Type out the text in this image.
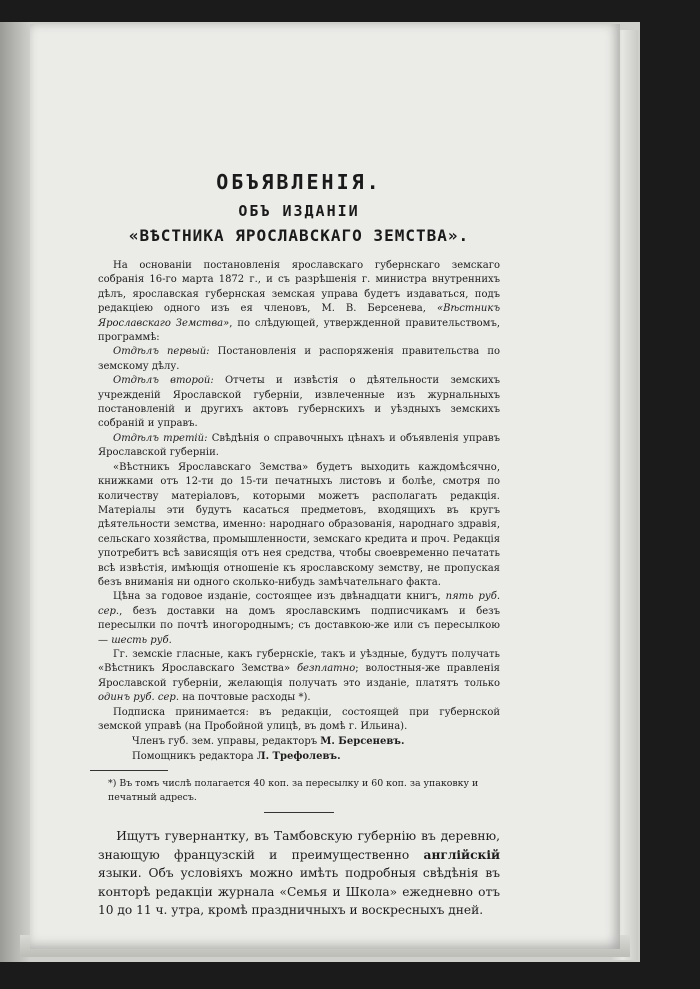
ОБЪЯВЛЕНІЯ.
ОБЪ ИЗДАНІИ
«ВѢСТНИКА ЯРОСЛАВСКАГО ЗЕМСТВА».

  На основаніи постановленія ярославскаго губернскаго земскаго собранія 16-го марта 1872 г., и съ разрѣшенія г. министра внутреннихъ дѣлъ, ярославская губернская земская управа будетъ издаваться, подъ редакціею одного изъ ея членовъ, М. В. Берсенева, «Вѣстникъ Ярославскаго Земства», по слѣдующей, утвержденной правительствомъ, программѣ:

  Отдѣлъ первый: Постановленія и распоряженія правительства по земскому дѣлу.

  Отдѣлъ второй: Отчеты и извѣстія о дѣятельности земскихъ учрежденій Ярославской губерніи, извлеченные изъ журнальныхъ постановленій и другихъ актовъ губернскихъ и уѣздныхъ земскихъ собраній и управъ.

  Отдѣлъ третій: Свѣдѣнія о справочныхъ цѣнахъ и объявленія управъ Ярославской губерніи.

  «Вѣстникъ Ярославскаго Земства» будетъ выходить каждомѣсячно, книжками отъ 12-ти до 15-ти печатныхъ листовъ и болѣе, смотря по количеству матеріаловъ, которыми можетъ располагать редакція. Матеріалы эти будутъ касаться предметовъ, входящихъ въ кругъ дѣятельности земства, именно: народнаго образованія, народнаго здравія, сельскаго хозяйства, промышленности, земскаго кредита и проч. Редакція употребитъ всѣ зависящія отъ нея средства, чтобы своевременно печатать всѣ извѣстія, имѣющія отношеніе къ ярославскому земству, не пропуская безъ вниманія ни одного сколько-нибудь замѣчательнаго факта.

  Цѣна за годовое изданіе, состоящее изъ двѣнадцати книгъ, пять руб. сер., безъ доставки на домъ ярославскимъ подписчикамъ и безъ пересылки по почтѣ иногороднымъ; съ доставкою-же или съ пересылкою — шесть руб.

  Гг. земскіе гласные, какъ губернскіе, такъ и уѣздные, будутъ получать «Вѣстникъ Ярославскаго Земства» безплатно; волостныя-же правленія Ярославской губерніи, желающія получать это изданіе, платятъ только одинъ руб. сер. на почтовые расходы *).

  Подписка принимается: въ редакціи, состоящей при губернской земской управѣ (на Пробойной улицѣ, въ домѣ г. Ильина).

Членъ губ. зем. управы, редакторъ М. Берсеневъ.
Помощникъ редактора Л. Трефолевъ.
*) Въ томъ числѣ полагается 40 коп. за пересылку и 60 коп. за упаковку и печатный адресъ.

  Ищутъ гувернантку, въ Тамбовскую губернію въ деревню, знающую французскій и преимущественно англійскій языки. Объ условіяхъ можно имѣть подробныя свѣдѣнія въ конторѣ редакціи журнала «Семья и Школа» ежедневно отъ 10 до 11 ч. утра, кромѣ праздничныхъ и воскресныхъ дней.
